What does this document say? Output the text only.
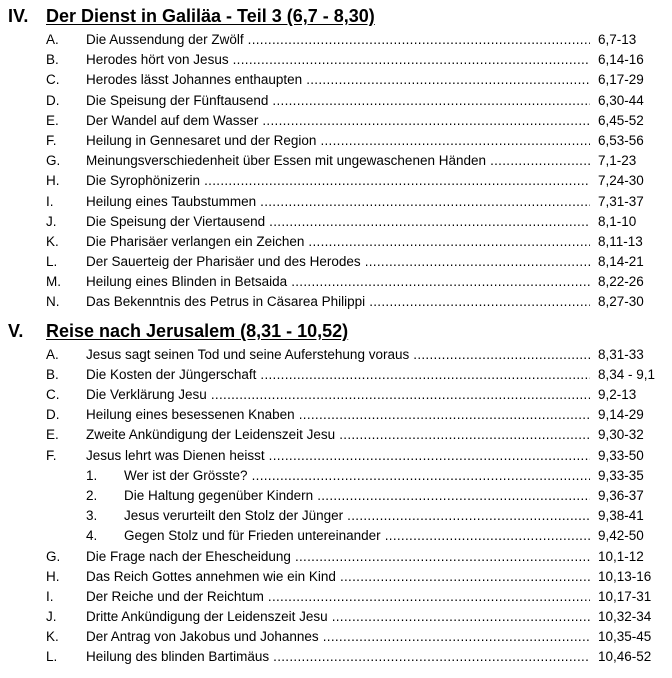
IV. Der Dienst in Galiläa - Teil 3 (6,7 - 8,30)
A. Die Aussendung der Zwölf .....	6,7-13
B. Herodes hört von Jesus .....	6,14-16
C. Herodes lässt Johannes enthaupten .....	6,17-29
D. Die Speisung der Fünftausend .....	6,30-44
E. Der Wandel auf dem Wasser .....	6,45-52
F. Heilung in Gennesaret und der Region .....	6,53-56
G. Meinungsverschiedenheit über Essen mit ungewaschenen Händen .....	7,1-23
H. Die Syrophönizerin .....	7,24-30
I. Heilung eines Taubstummen .....	7,31-37
J. Die Speisung der Viertausend .....	8,1-10
K. Die Pharisäer verlangen ein Zeichen .....	8,11-13
L. Der Sauerteig der Pharisäer und des Herodes .....	8,14-21
M. Heilung eines Blinden in Betsaida .....	8,22-26
N. Das Bekenntnis des Petrus in Cäsarea Philippi .....	8,27-30
V. Reise nach Jerusalem (8,31 - 10,52)
A. Jesus sagt seinen Tod und seine Auferstehung voraus .....	8,31-33
B. Die Kosten der Jüngerschaft .....	8,34 - 9,1
C. Die Verklärung Jesu .....	9,2-13
D. Heilung eines besessenen Knaben .....	9,14-29
E. Zweite Ankündigung der Leidenszeit Jesu .....	9,30-32
F. Jesus lehrt was Dienen heisst .....	9,33-50
1. Wer ist der Grösste? .....	9,33-35
2. Die Haltung gegenüber Kindern .....	9,36-37
3. Jesus verurteilt den Stolz der Jünger .....	9,38-41
4. Gegen Stolz und für Frieden untereinander .....	9,42-50
G. Die Frage nach der Ehescheidung .....	10,1-12
H. Das Reich Gottes annehmen wie ein Kind .....	10,13-16
I. Der Reiche und der Reichtum .....	10,17-31
J. Dritte Ankündigung der Leidenszeit Jesu .....	10,32-34
K. Der Antrag von Jakobus und Johannes .....	10,35-45
L. Heilung des blinden Bartimäus .....	10,46-52
